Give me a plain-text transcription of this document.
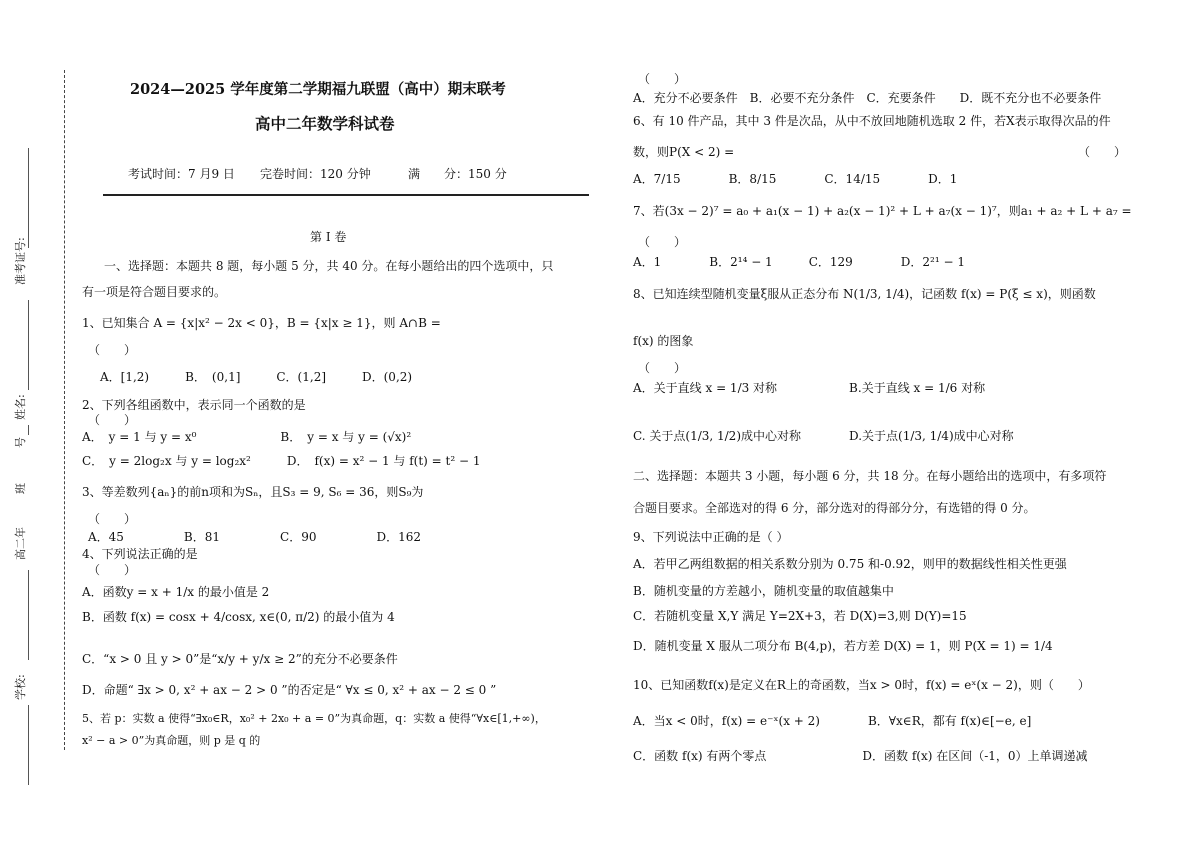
准考证号:
姓名:
号
班
高二年
学校:
2024—2025 学年度第二学期福九联盟（高中）期末联考
高中二年数学科试卷
考试时间：7 月9 日 完卷时间：120 分钟	满　　分：150 分
第 I 卷
一、选择题：本题共 8 题，每小题 5 分，共 40 分。在每小题给出的四个选项中，只
有一项是符合题目要求的。
1、已知集合 A = {x|x² − 2x < 0}，B = {x|x ≥ 1}，则 A∩B =
（　　）
A．[1,2)　　　B．　(0,1]　　　C．(1,2]　　　D．(0,2)
2、下列各组函数中，表示同一个函数的是
（　　）
A．　y = 1 与 y = x⁰　　　　　　　B．　y = x 与 y = (√x)²
C．　y = 2log₂x 与 y = log₂x²　　　D．　f(x) = x² − 1 与 f(t) = t² − 1
3、等差数列{aₙ}的前n项和为Sₙ，且S₃ = 9, S₆ = 36，则S₉为
（　　）
A．45　　　　　B．81　　　　　C．90　　　　　D．162
4、下列说法正确的是
（　　）
A．函数y = x + 1/x 的最小值是 2
B．函数 f(x) = cosx + 4/cosx, x∈(0, π/2) 的最小值为 4
C．“x > 0 且 y > 0”是“x/y + y/x ≥ 2”的充分不必要条件
D．命题“ ∃x > 0, x² + ax − 2 > 0 ”的否定是“ ∀x ≤ 0, x² + ax − 2 ≤ 0 ”
5、若 p：实数 a 使得“∃x₀∈R，x₀² + 2x₀ + a = 0”为真命题，q：实数 a 使得“∀x∈[1,+∞)，
x² − a > 0”为真命题，则 p 是 q 的
（　　）
A．充分不必要条件　B．必要不充分条件　C．充要条件　　D．既不充分也不必要条件
6、有 10 件产品，其中 3 件是次品，从中不放回地随机选取 2 件，若X表示取得次品的件
数，则P(X < 2) =	（　　）
A．7/15　　　　B．8/15　　　　C．14/15　　　　D．1
7、若(3x − 2)⁷ = a₀ + a₁(x − 1) + a₂(x − 1)² + L + a₇(x − 1)⁷，则a₁ + a₂ + L + a₇ =
（　　）
A．1　　　　B．2¹⁴ − 1　　　C．129　　　　D．2²¹ − 1
8、已知连续型随机变量ξ服从正态分布 N(1/3, 1/4)，记函数 f(x) = P(ξ ≤ x)，则函数
f(x) 的图象
（　　）
A．关于直线 x = 1/3 对称　　　　　　B.关于直线 x = 1/6 对称
C. 关于点(1/3, 1/2)成中心对称　　　　D.关于点(1/3, 1/4)成中心对称
二、选择题：本题共 3 小题，每小题 6 分，共 18 分。在每小题给出的选项中，有多项符
合题目要求。全部选对的得 6 分，部分选对的得部分分，有选错的得 0 分。
9、下列说法中正确的是（ ）
A．若甲乙两组数据的相关系数分别为 0.75 和-0.92，则甲的数据线性相关性更强
B．随机变量的方差越小，随机变量的取值越集中
C．若随机变量 X,Y 满足 Y=2X+3，若 D(X)=3,则 D(Y)=15
D．随机变量 X 服从二项分布 B(4,p)，若方差 D(X) = 1，则 P(X = 1) = 1/4
10、已知函数f(x)是定义在R上的奇函数，当x > 0时，f(x) = eˣ(x − 2)，则（　　）
A．当x < 0时，f(x) = e⁻ˣ(x + 2)　　　　B．∀x∈R，都有 f(x)∈[−e, e]
C．函数 f(x) 有两个零点　　　　　　　　D．函数 f(x) 在区间（-1，0）上单调递减
